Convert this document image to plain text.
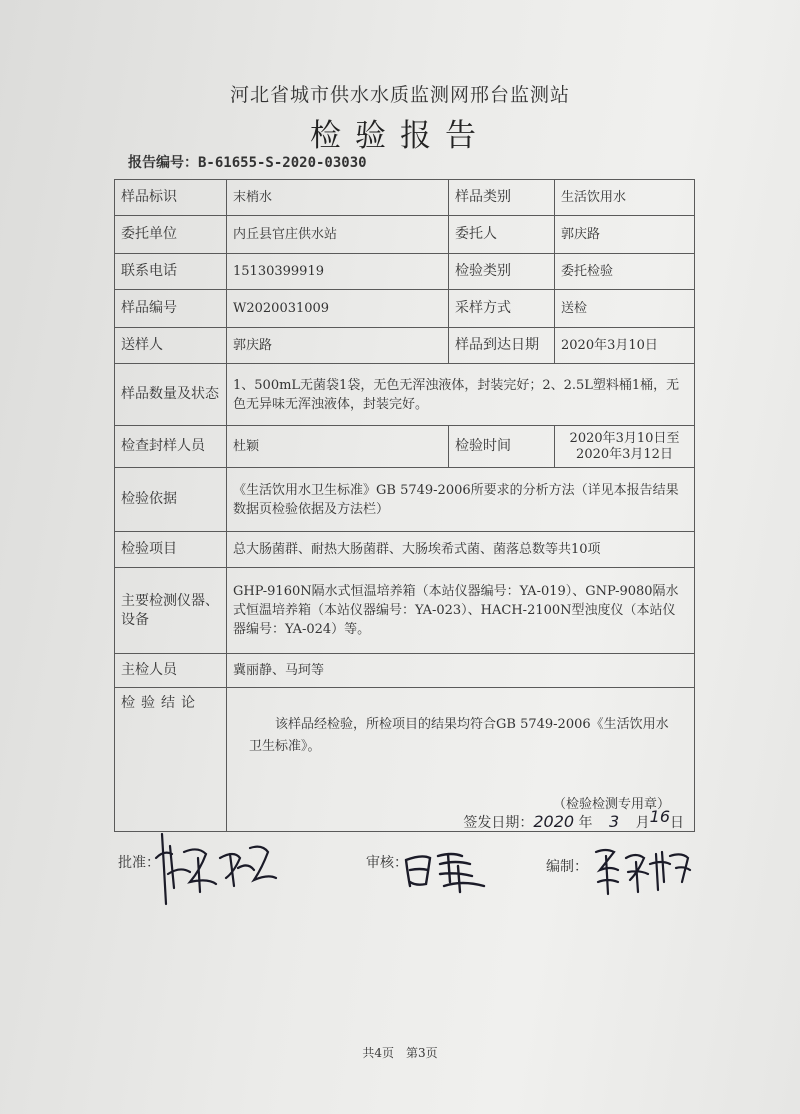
河北省城市供水水质监测网邢台监测站
检验报告
报告编号：B-61655-S-2020-03030
样品标识	末梢水	样品类别	生活饮用水
委托单位	内丘县官庄供水站	委托人	郭庆路
联系电话	15130399919	检验类别	委托检验
样品编号	W2020031009	采样方式	送检
送样人	郭庆路	样品到达日期	2020年3月10日
样品数量及状态	1、500mL无菌袋1袋，无色无浑浊液体，封装完好；2、2.5L塑料桶1桶，无色无异味无浑浊液体，封装完好。		
检查封样人员	杜颖	检验时间	2020年3月10日至
2020年3月12日

检验依据	《生活饮用水卫生标准》GB 5749-2006所要求的分析方法（详见本报告结果数据页检验依据及方法栏）		
检验项目	总大肠菌群、耐热大肠菌群、大肠埃希式菌、菌落总数等共10项		
主要检测仪器、设备	GHP-9160N隔水式恒温培养箱（本站仪器编号：YA-019）、GNP-9080隔水式恒温培养箱（本站仪器编号：YA-023）、HACH-2100N型浊度仪（本站仪器编号：YA-024）等。		
主检人员	冀丽静、马珂等		
检验结论	该样品经检验，所检项目的结果均符合GB 5749-2006《生活饮用水卫生标准》。
（检验检测专用章）
签发日期：2020 年 3 月16日		
批准：	审核：	编制：
共4页　第3页
